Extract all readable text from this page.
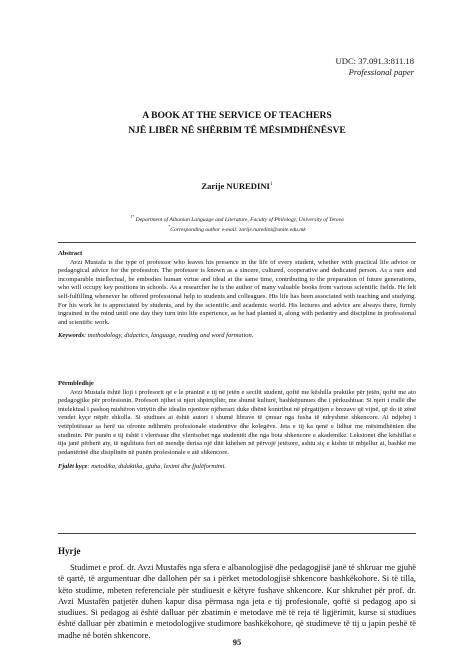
UDC: 37.091.3:811.18
Professional paper
A BOOK AT THE SERVICE OF TEACHERS
NJË LIBËR NË SHËRBIM TË MËSIMDHËNËSVE
Zarije NUREDINI$^1$
$^{1*}$ Department of Albanian Language and Literature, Faculty of Philology, University of Tetova
*Corresponding author e-mail: zarije.nuredini@unite.edu.mk
Abstract
Avzi Mustafa is the type of professor who leaves his presence in the life of every student, whether with practical life advice or pedagogical advice for the profession. The professor is known as a sincere, cultured, cooperative and dedicated person. As a rare and incomparable intellectual, he embodies human virtue and ideal at the same time, contributing to the preparation of future generations, who will occupy key positions in schools. As a researcher he is the author of many valuable books from various scientific fields. He felt self-fulfilling whenever he offered professional help to students and colleagues. His life has been associated with teaching and studying. For his work he is appreciated by students, and by the scientific and academic world. His lectures and advice are always there, firmly ingrained in the mind until one day they turn into life experience, as he had planted it, along with pedantry and discipline in professional and scientific work.
Keywords: methodology, didactics, language, reading and word formation.
Përmbledhje
Avzi Mustafa është lloji i profesorit që e le praninë e tij në jetën e secilit student, qoftë me këshilla praktike për jetën, qoftë me ato pedagogjike për profesionin. Profesori njihet si njeri shpirtçiltër, me shumë kulturë, bashkëpunues dhe i përkushtuar. Si njeri i rrallë dhe intelektual i pashoq mishëron virtytin dhe idealin njerëzor njëherazi duke dhënë kontribut në përgatitjen e brezave që vijnë, që do të zënë vendet kyçe nëpër shkolla. Si studiues ai është autori i shumë librave të çmuar nga fusha të ndryshme shkencore. Ai ndjehej i vetëplotësuar sa herë ua ofronte ndihmën profesionale studentëve dhe kolegëve. Jeta e tij ka qenë e lidhur me mësimdhënien dhe studimin. Për punën e tij është i vlerësuar dhe vlerësohet nga studentët dhe nga bota shkencore e akademike. Leksionet dhe këshillat e tija janë përherë aty, të ngulitura fort në mendje derisa një ditë kthehen në përvojë jetësore, ashtu siç e kishte të mbjellur ai, bashkë me pedantërinë dhe disiplinën në punën profesionale e atë shkencore.
Fjalët kyçe: metodika, didaktika, gjuha, leximi dhe fjalëformimi.
Hyrje
Studimet e prof. dr. Avzi Mustafës nga sfera e albanologjisë dhe pedagogjisë janë të shkruar me gjuhë të qartë, të argumentuar dhe dallohen për sa i përket metodologjisë shkencore bashkëkohore. Si të tilla, këto studime, mbeten referenciale për studiuesit e këtyre fushave shkencore. Kur shkruhet për prof. dr. Avzi Mustafën patjetër duhen kapur disa përmasa nga jeta e tij profesionale, qoftë si pedagog apo si studiues. Si pedagog ai është dalluar për zbatimin e metodave më të reja të ligjërimit, kurse si studiues është dalluar për zbatimin e metodologjive studimore bashkëkohore, që studimeve të tij u japin peshë të madhe në botën shkencore.
95
